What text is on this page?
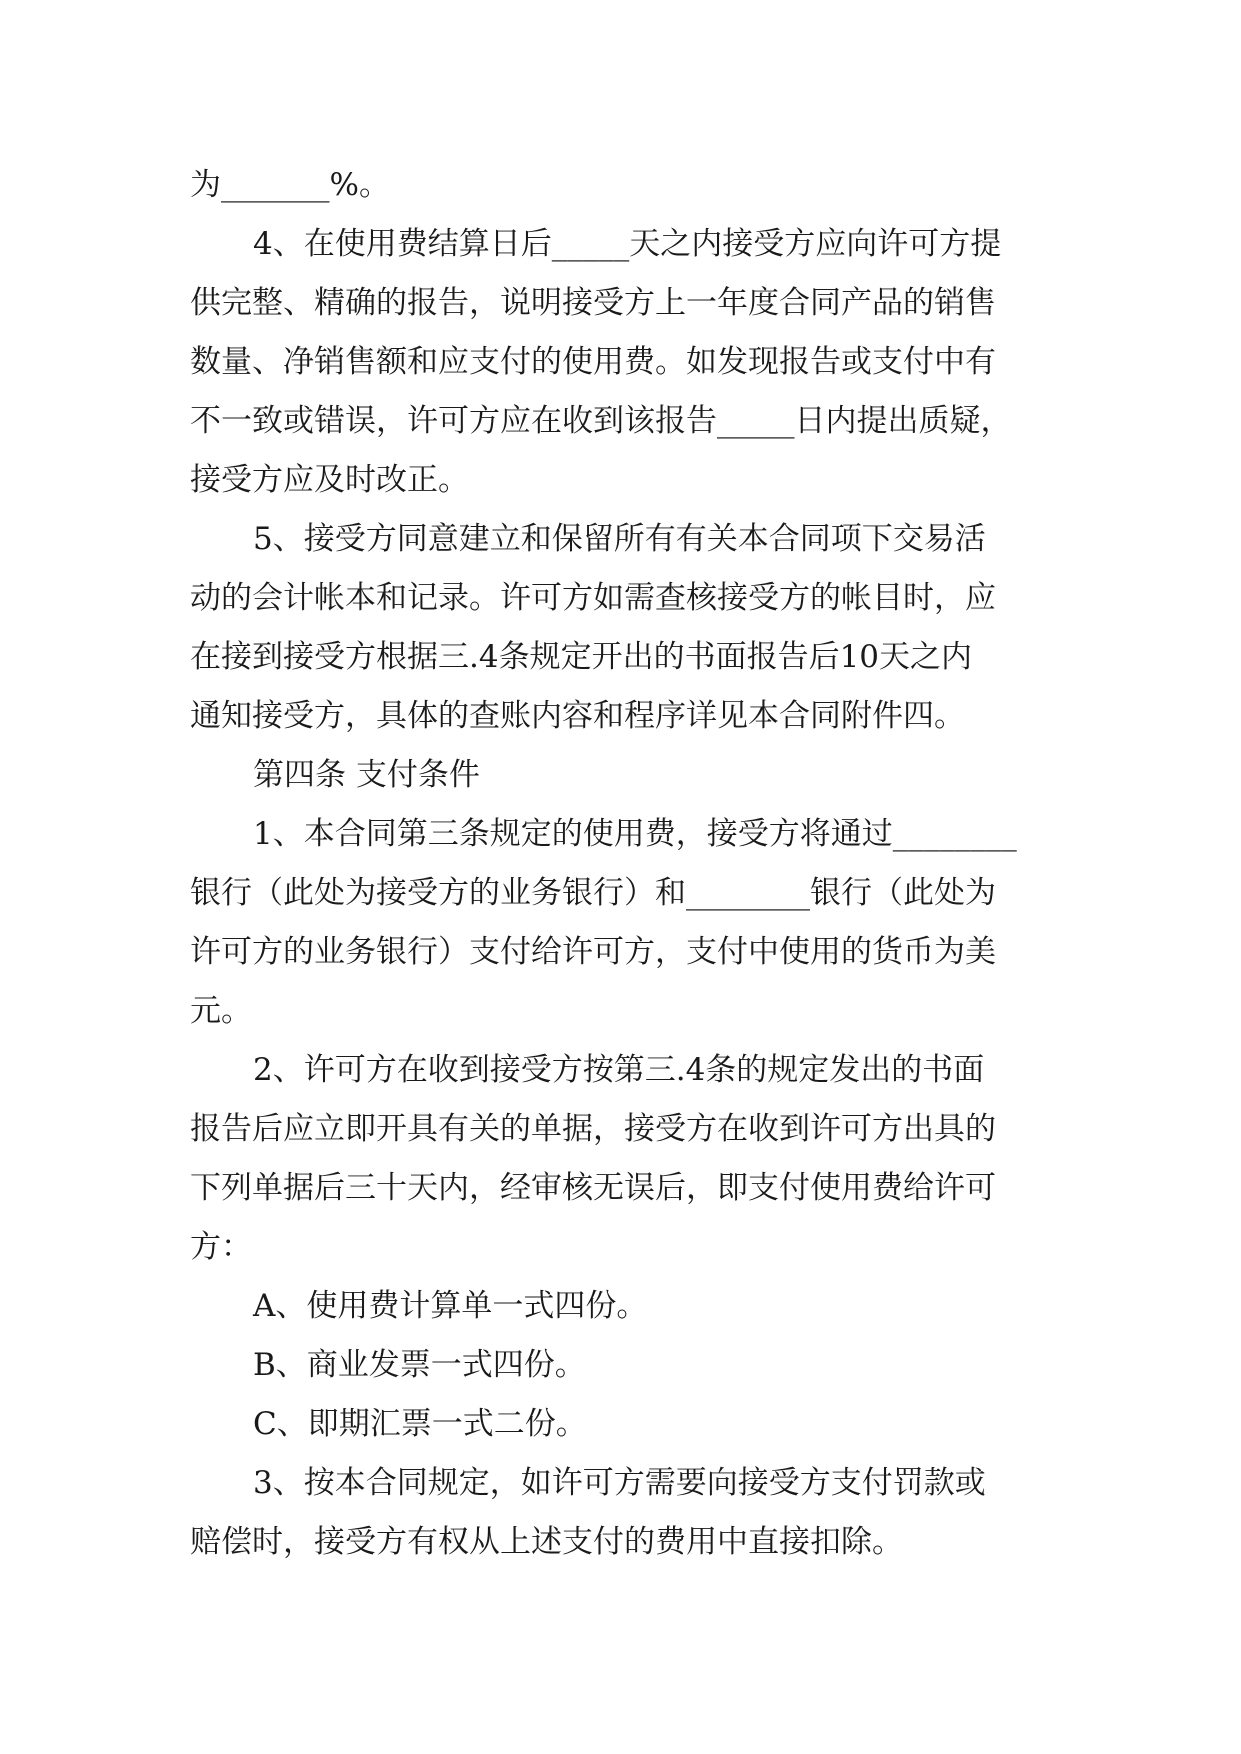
为_______%。

4、在使用费结算日后_____天之内接受方应向许可方提

供完整、精确的报告，说明接受方上一年度合同产品的销售

数量、净销售额和应支付的使用费。如发现报告或支付中有

不一致或错误，许可方应在收到该报告_____日内提出质疑，

接受方应及时改正。

5、接受方同意建立和保留所有有关本合同项下交易活

动的会计帐本和记录。许可方如需查核接受方的帐目时，应

在接到接受方根据三.4条规定开出的书面报告后10天之内

通知接受方，具体的查账内容和程序详见本合同附件四。

第四条 支付条件

1、本合同第三条规定的使用费，接受方将通过________

银行（此处为接受方的业务银行）和________银行（此处为

许可方的业务银行）支付给许可方，支付中使用的货币为美

元。

2、许可方在收到接受方按第三.4条的规定发出的书面

报告后应立即开具有关的单据，接受方在收到许可方出具的

下列单据后三十天内，经审核无误后，即支付使用费给许可

方：

A、使用费计算单一式四份。

B、商业发票一式四份。

C、即期汇票一式二份。

3、按本合同规定，如许可方需要向接受方支付罚款或

赔偿时，接受方有权从上述支付的费用中直接扣除。
